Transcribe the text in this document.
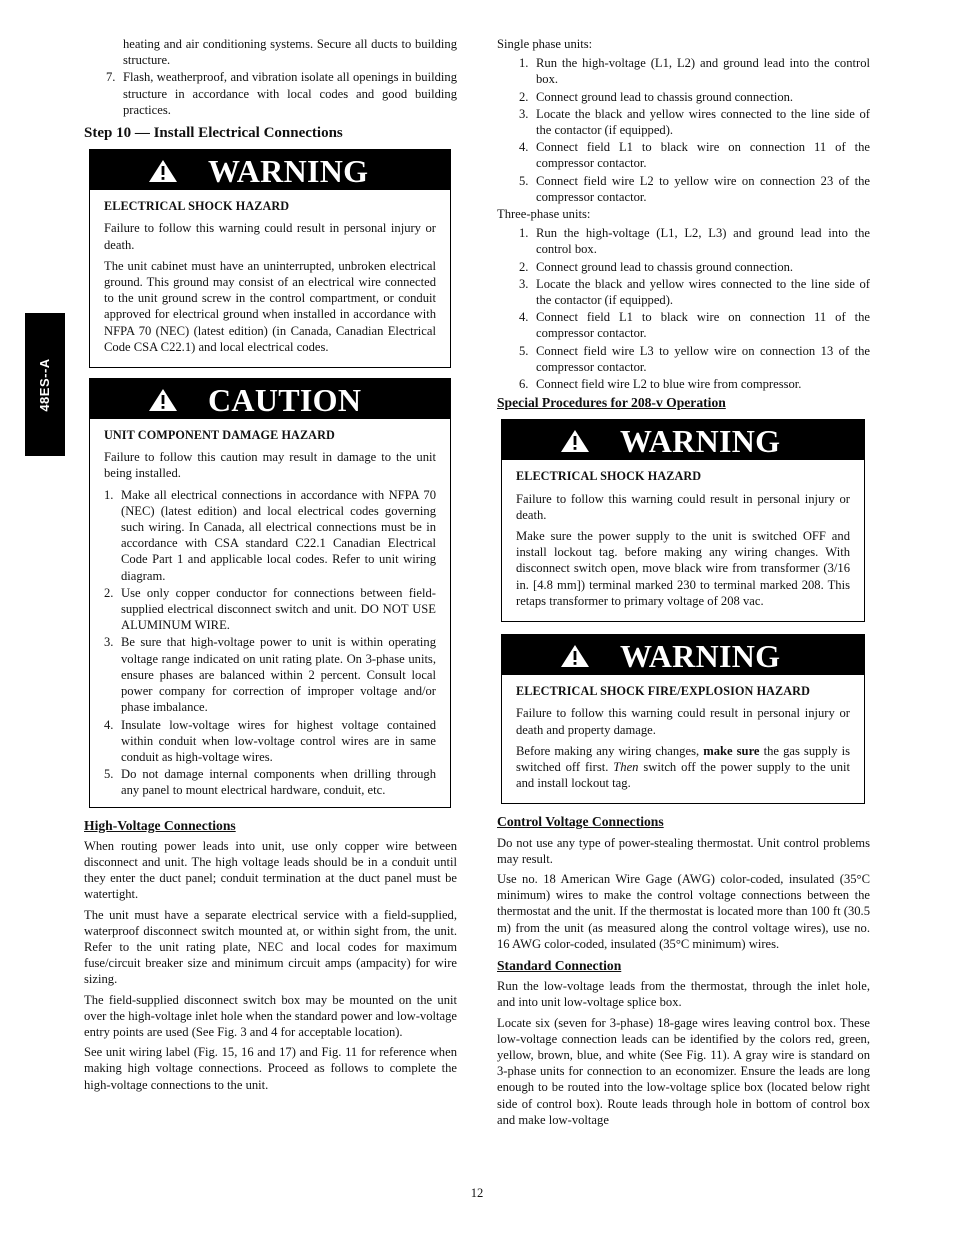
48ES--A
heating and air conditioning systems. Secure all ducts to building structure.
7. Flash, weatherproof, and vibration isolate all openings in building structure in accordance with local codes and good building practices.
Step 10 — Install Electrical Connections
WARNING
ELECTRICAL SHOCK HAZARD

Failure to follow this warning could result in personal injury or death.

The unit cabinet must have an uninterrupted, unbroken electrical ground. This ground may consist of an electrical wire connected to the unit ground screw in the control compartment, or conduit approved for electrical ground when installed in accordance with NFPA 70 (NEC) (latest edition) (in Canada, Canadian Electrical Code CSA C22.1) and local electrical codes.

CAUTION
UNIT COMPONENT DAMAGE HAZARD

Failure to follow this caution may result in damage to the unit being installed.

1. Make all electrical connections in accordance with NFPA 70 (NEC) (latest edition) and local electrical codes governing such wiring. In Canada, all electrical connections must be in accordance with CSA standard C22.1 Canadian Electrical Code Part 1 and applicable local codes. Refer to unit wiring diagram.
2. Use only copper conductor for connections between field-supplied electrical disconnect switch and unit. DO NOT USE ALUMINUM WIRE.
3. Be sure that high-voltage power to unit is within operating voltage range indicated on unit rating plate. On 3-phase units, ensure phases are balanced within 2 percent. Consult local power company for correction of improper voltage and/or phase imbalance.
4. Insulate low-voltage wires for highest voltage contained within conduit when low-voltage control wires are in same conduit as high-voltage wires.
5. Do not damage internal components when drilling through any panel to mount electrical hardware, conduit, etc.
High-Voltage Connections

When routing power leads into unit, use only copper wire between disconnect and unit. The high voltage leads should be in a conduit until they enter the duct panel; conduit termination at the duct panel must be watertight.

The unit must have a separate electrical service with a field-supplied, waterproof disconnect switch mounted at, or within sight from, the unit. Refer to the unit rating plate, NEC and local codes for maximum fuse/circuit breaker size and minimum circuit amps (ampacity) for wire sizing.

The field-supplied disconnect switch box may be mounted on the unit over the high-voltage inlet hole when the standard power and low-voltage entry points are used (See Fig. 3 and 4 for acceptable location).

See unit wiring label (Fig. 15, 16 and 17) and Fig. 11 for reference when making high voltage connections. Proceed as follows to complete the high-voltage connections to the unit.

Single phase units:
1. Run the high-voltage (L1, L2) and ground lead into the control box.
2. Connect ground lead to chassis ground connection.
3. Locate the black and yellow wires connected to the line side of the contactor (if equipped).
4. Connect field L1 to black wire on connection 11 of the compressor contactor.
5. Connect field wire L2 to yellow wire on connection 23 of the compressor contactor.
Three-phase units:
1. Run the high-voltage (L1, L2, L3) and ground lead into the control box.
2. Connect ground lead to chassis ground connection.
3. Locate the black and yellow wires connected to the line side of the contactor (if equipped).
4. Connect field L1 to black wire on connection 11 of the compressor contactor.
5. Connect field wire L3 to yellow wire on connection 13 of the compressor contactor.
6. Connect field wire L2 to blue wire from compressor.
Special Procedures for 208-v Operation
WARNING
ELECTRICAL SHOCK HAZARD

Failure to follow this warning could result in personal injury or death.

Make sure the power supply to the unit is switched OFF and install lockout tag. before making any wiring changes. With disconnect switch open, move black wire from transformer (3/16 in. [4.8 mm]) terminal marked 230 to terminal marked 208. This retaps transformer to primary voltage of 208 vac.

WARNING
ELECTRICAL SHOCK FIRE/EXPLOSION HAZARD

Failure to follow this warning could result in personal injury or death and property damage.

Before making any wiring changes, make sure the gas supply is switched off first. Then switch off the power supply to the unit and install lockout tag.

Control Voltage Connections

Do not use any type of power-stealing thermostat. Unit control problems may result.

Use no. 18 American Wire Gage (AWG) color-coded, insulated (35°C minimum) wires to make the control voltage connections between the thermostat and the unit. If the thermostat is located more than 100 ft (30.5 m) from the unit (as measured along the control voltage wires), use no. 16 AWG color-coded, insulated (35°C minimum) wires.

Standard Connection

Run the low-voltage leads from the thermostat, through the inlet hole, and into unit low-voltage splice box.

Locate six (seven for 3-phase) 18-gage wires leaving control box. These low-voltage connection leads can be identified by the colors red, green, yellow, brown, blue, and white (See Fig. 11). A gray wire is standard on 3-phase units for connection to an economizer. Ensure the leads are long enough to be routed into the low-voltage splice box (located below right side of control box). Route leads through hole in bottom of control box and make low-voltage

12
